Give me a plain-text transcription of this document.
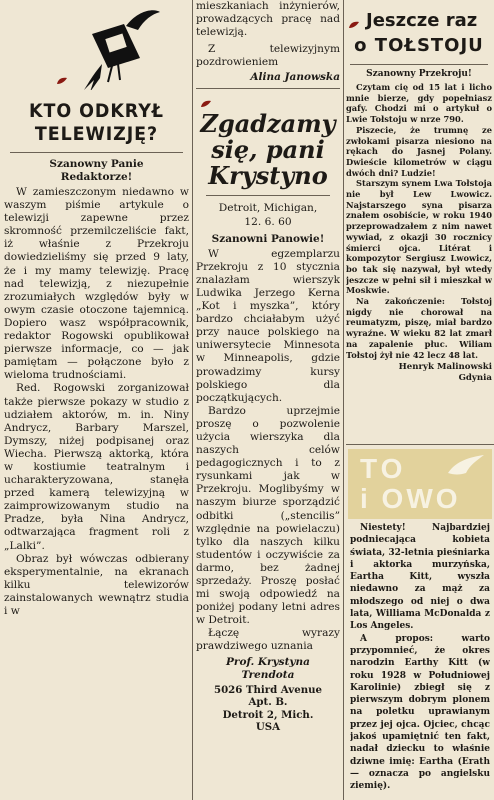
KTO ODKRYŁ
TELEWIZJĘ?
Szanowny Panie
Redaktorze!

W zamieszczonym niedawno w waszym piśmie artykule o telewizji zapewne przez skromność przemilczeliście fakt, iż właśnie z Przekroju dowiedzieliśmy się przed 9 laty, że i my mamy telewizję. Pracę nad telewizją, z niezupełnie zrozumiałych względów były w owym czasie otoczone tajemnicą. Dopiero wasz współpracownik, redaktor Rogowski opublikował pierwsze informacje, co — jak pamiętam — połączone było z wieloma trudnościami.

Red. Rogowski zorganizował także pierwsze pokazy w studio z udziałem aktorów, m. in. Niny Andrycz, Barbary Marszel, Dymszy, niżej podpisanej oraz Wiecha. Pierwszą aktorką, która w kostiumie teatralnym i ucharakteryzowana, stanęła przed kamerą telewizyjną w zaimprowizowanym studio na Pradze, była Nina Andrycz, odtwarzająca fragment roli z „Lalki”.

Obraz był wówczas odbierany eksperymentalnie, na ekranach kilku telewizorów zainstalowanych wewnątrz studia i w

mieszkaniach inżynierów, prowadzących pracę nad telewizją.

Z telewizyjnym pozdrowieniem

Alina Janowska
Zgadzamy
się, pani
Krystyno
Detroit, Michigan,
12. 6. 60
Szanowni Panowie!

W egzemplarzu Przekroju z 10 stycznia znalazłam wierszyk Ludwika Jerzego Kerna „Kot i myszka”, który bardzo chciałabym użyć przy nauce polskiego na uniwersytecie Minnesota w Minneapolis, gdzie prowadzimy kursy polskiego dla początkujących.

Bardzo uprzejmie proszę o pozwolenie użycia wierszyka dla naszych celów pedagogicznych i to z rysunkami jak w Przekroju. Moglibyśmy w naszym biurze sporządzić odbitki („stencilis” względnie na powielaczu) tylko dla naszych kilku studentów i oczywiście za darmo, bez żadnej sprzedaży. Proszę posłać mi swoją odpowiedź na poniżej podany letni adres w Detroit.

Łączę wyrazy prawdziwego uznania

Prof. Krystyna
Trendota
5026 Third Avenue
Apt. B.
Detroit 2, Mich.
USA
Jeszcze raz
o TOŁSTOJU
Szanowny Przekroju!

Czytam cię od 15 lat i licho mnie bierze, gdy popełniasz gafy. Chodzi mi o artykuł o Lwie Tołstoju w nrze 790.

Piszecie, że trumnę ze zwłokami pisarza niesiono na rękach do Jasnej Polany. Dwieście kilometrów w ciągu dwóch dni? Ludzie!

Starszym synem Lwa Tołstoja nie był Lew Lwowicz. Najstarszego syna pisarza znałem osobiście, w roku 1940 przeprowadzałem z nim nawet wywiad, z okazji 30 rocznicy śmierci ojca. Litérat i kompozytor Sergiusz Lwowicz, bo tak się nazywał, był wtedy jeszcze w pełni sił i mieszkał w Moskwie.

Na zakończenie: Tołstoj nigdy nie chorował na reumatyzm, piszę, miał bardzo wyraźne. W wieku 82 lat zmarł na zapalenie płuc. Wiliam Tołstoj żył nie 42 lecz 48 lat.

Henryk Malinowski
Gdynia
TO
i OWO

Niestety! Najbardziej podniecająca kobieta świata, 32-letnia pieśniarka i aktorka murzyńska, Eartha Kitt, wyszła niedawno za mąż za młodszego od niej o dwa lata, Williama McDonalda z Los Angeles.

A propos: warto przypomnieć, że okres narodzin Earthy Kitt (w roku 1928 w Południowej Karolinie) zbiegł się z pierwszym dobrym plonem na poletku uprawianym przez jej ojca. Ojciec, chcąc jakoś upamiętnić ten fakt, nadał dziecku to właśnie dziwne imię: Eartha (Erath — oznacza po angielsku ziemię).
